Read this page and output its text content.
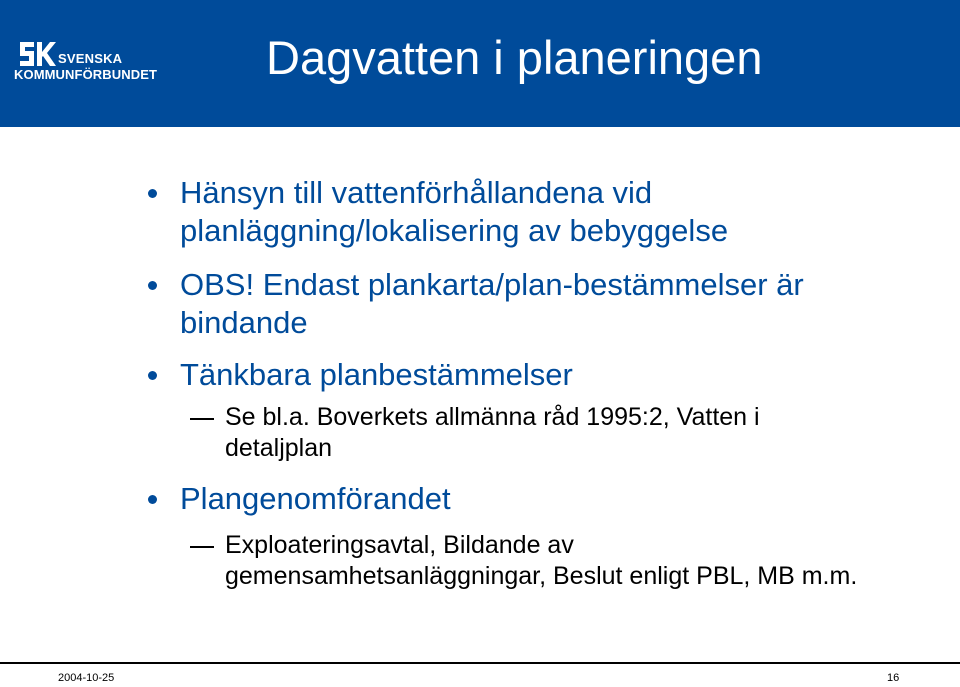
SVENSKA
KOMMUNFÖRBUNDET Dagvatten i planeringen
Hänsyn till vattenförhållandena vid planläggning/lokalisering av bebyggelse
OBS! Endast plankarta/plan-bestämmelser är bindande
Tänkbara planbestämmelser
Se bl.a. Boverkets allmänna råd 1995:2, Vatten i detaljplan
Plangenomförandet
Exploateringsavtal, Bildande av gemensamhetsanläggningar, Beslut enligt PBL, MB m.m.
2004-10-25	16
